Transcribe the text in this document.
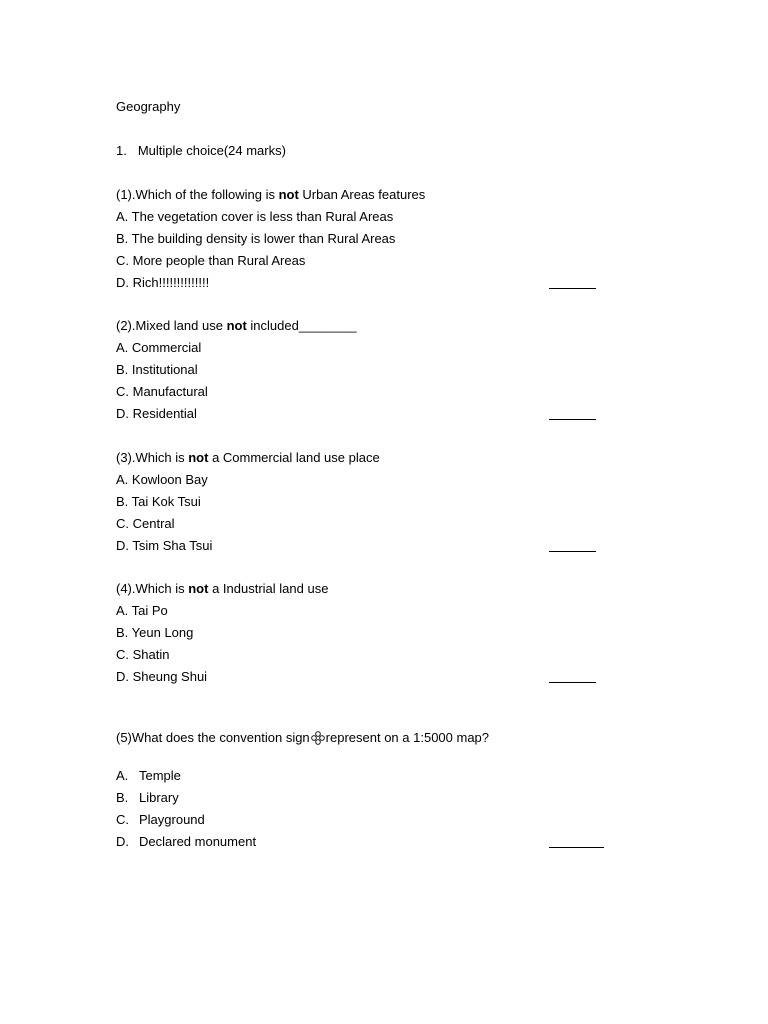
Geography
1. Multiple choice(24 marks)
(1).Which of the following is not Urban Areas features
A. The vegetation cover is less than Rural Areas
B. The building density is lower than Rural Areas
C. More people than Rural Areas
D. Rich!!!!!!!!!!!!!!
(2).Mixed land use not included________
A. Commercial
B. Institutional
C. Manufactural
D. Residential
(3).Which is not a Commercial land use place
A. Kowloon Bay
B. Tai Kok Tsui
C. Central
D. Tsim Sha Tsui
(4).Which is not a Industrial land use
A. Tai Po
B. Yeun Long
C. Shatin
D. Sheung Shui
(5)What does the convention sign represent on a 1:5000 map?
A. Temple
B. Library
C. Playground
D. Declared monument
